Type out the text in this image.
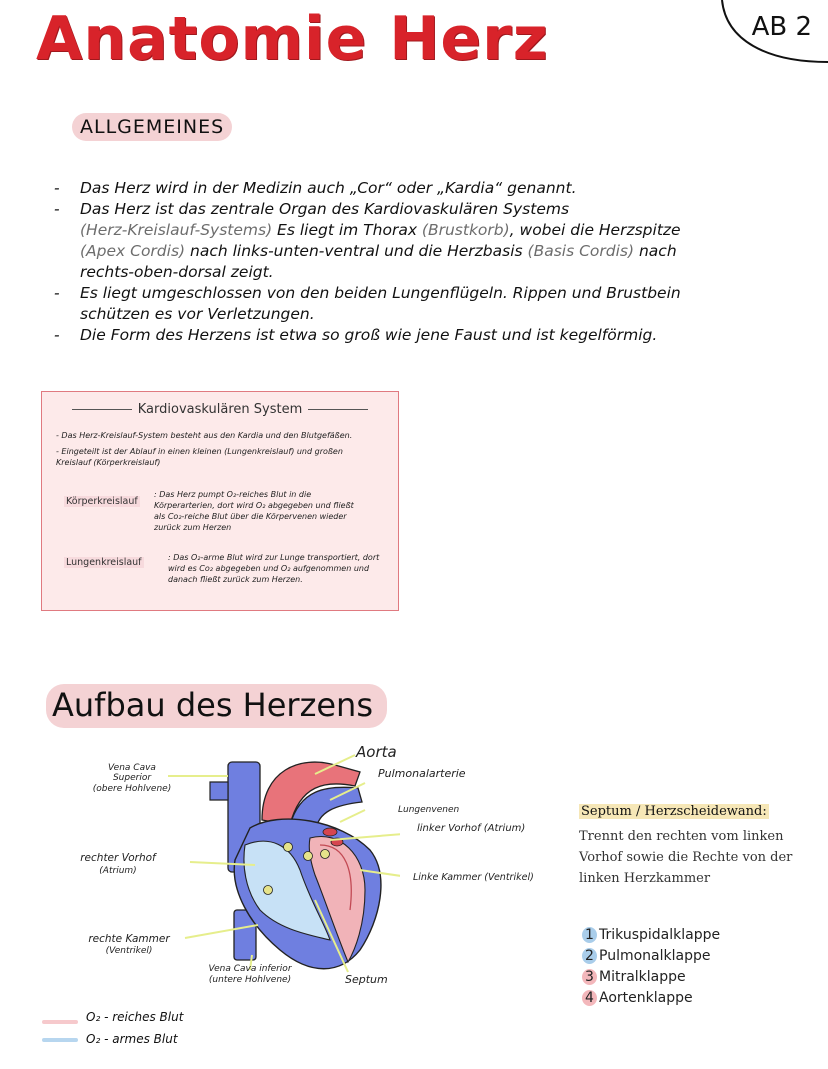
Anatomie Herz	AB 2
ALLGEMEINES
- Das Herz wird in der Medizin auch „Cor“ oder „Kardia“ genannt.
- Das Herz ist das zentrale Organ des Kardiovaskulären Systems
(Herz-Kreislauf-Systems) Es liegt im Thorax (Brustkorb), wobei die Herzspitze (Apex Cordis) nach links-unten-ventral und die Herzbasis (Basis Cordis) nach rechts-oben-dorsal zeigt.
- Es liegt umgeschlossen von den beiden Lungenflügeln. Rippen und Brustbein schützen es vor Verletzungen.
- Die Form des Herzens ist etwa so groß wie jene Faust und ist kegelförmig.
Kardiovaskulären System
- Das Herz-Kreislauf-System besteht aus den Kardia und den Blutgefäßen.
- Eingeteilt ist der Ablauf in einen kleinen (Lungenkreislauf) und großen Kreislauf (Körperkreislauf)
Körperkreislauf
: Das Herz pumpt O₂-reiches Blut in die Körperarterien, dort wird O₂ abgegeben und fließt als Co₂-reiche Blut über die Körpervenen wieder zurück zum Herzen
Lungenkreislauf	: Das O₂-arme Blut wird zur Lunge transportiert, dort wird es Co₂ abgegeben und O₂ aufgenommen und danach fließt zurück zum Herzen.
Aufbau des Herzens
Vena Cava Superior
(obere Hohlvene)
Aorta
Pulmonalarterie
Lungenvenen
linker Vorhof (Atrium)
rechter Vorhof
(Atrium)
Linke Kammer (Ventrikel)
rechte Kammer
(Ventrikel)
Vena Cava inferior
(untere Hohlvene)	Septum
Septum / Herzscheidewand:
Trennt den rechten vom linken Vorhof sowie die Rechte von der linken Herzkammer
1 Trikuspidalklappe
2 Pulmonalklappe
3 Mitralklappe
4 Aortenklappe
O₂ - reiches Blut
O₂ - armes Blut
